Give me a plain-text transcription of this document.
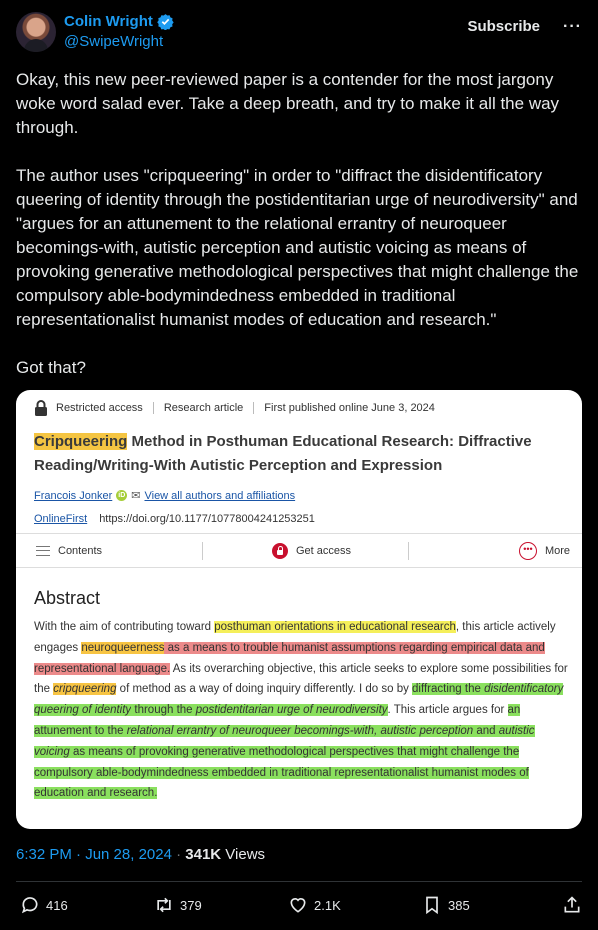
Colin Wright
@SwipeWright
Subscribe ···

Okay, this new peer-reviewed paper is a contender for the most jargony woke word salad ever. Take a deep breath, and try to make it all the way through.

The author uses "cripqueering" in order to "diffract the disidentificatory queering of identity through the postidentitarian urge of neurodiversity" and "argues for an attunement to the relational errantry of neuroqueer becomings-with, autistic perception and autistic voicing as means of provoking generative methodological perspectives that might challenge the compulsory able-bodymindedness embedded in traditional representationalist humanist modes of education and research."

Got that?

Restricted access Research article First published online June 3, 2024
Cripqueering Method in Posthuman Educational Research: Diffractive Reading/Writing-With Autistic Perception and Expression
Francois Jonker iD ✉ View all authors and affiliations
OnlineFirst https://doi.org/10.1177/10778004241253251
Contents	Get access	•••	More
Abstract
With the aim of contributing toward posthuman orientations in educational research, this article actively engages neuroqueerness as a means to trouble humanist assumptions regarding empirical data and representational language. As its overarching objective, this article seeks to explore some possibilities for the cripqueering of method as a way of doing inquiry differently. I do so by diffracting the disidentificatory queering of identity through the postidentitarian urge of neurodiversity. This article argues for an attunement to the relational errantry of neuroqueer becomings-with, autistic perception and autistic voicing as means of provoking generative methodological perspectives that might challenge the compulsory able-bodymindedness embedded in traditional representationalist humanist modes of education and research.
6:32 PM · Jun 28, 2024 · 341K Views
416	379	2.1K	385
